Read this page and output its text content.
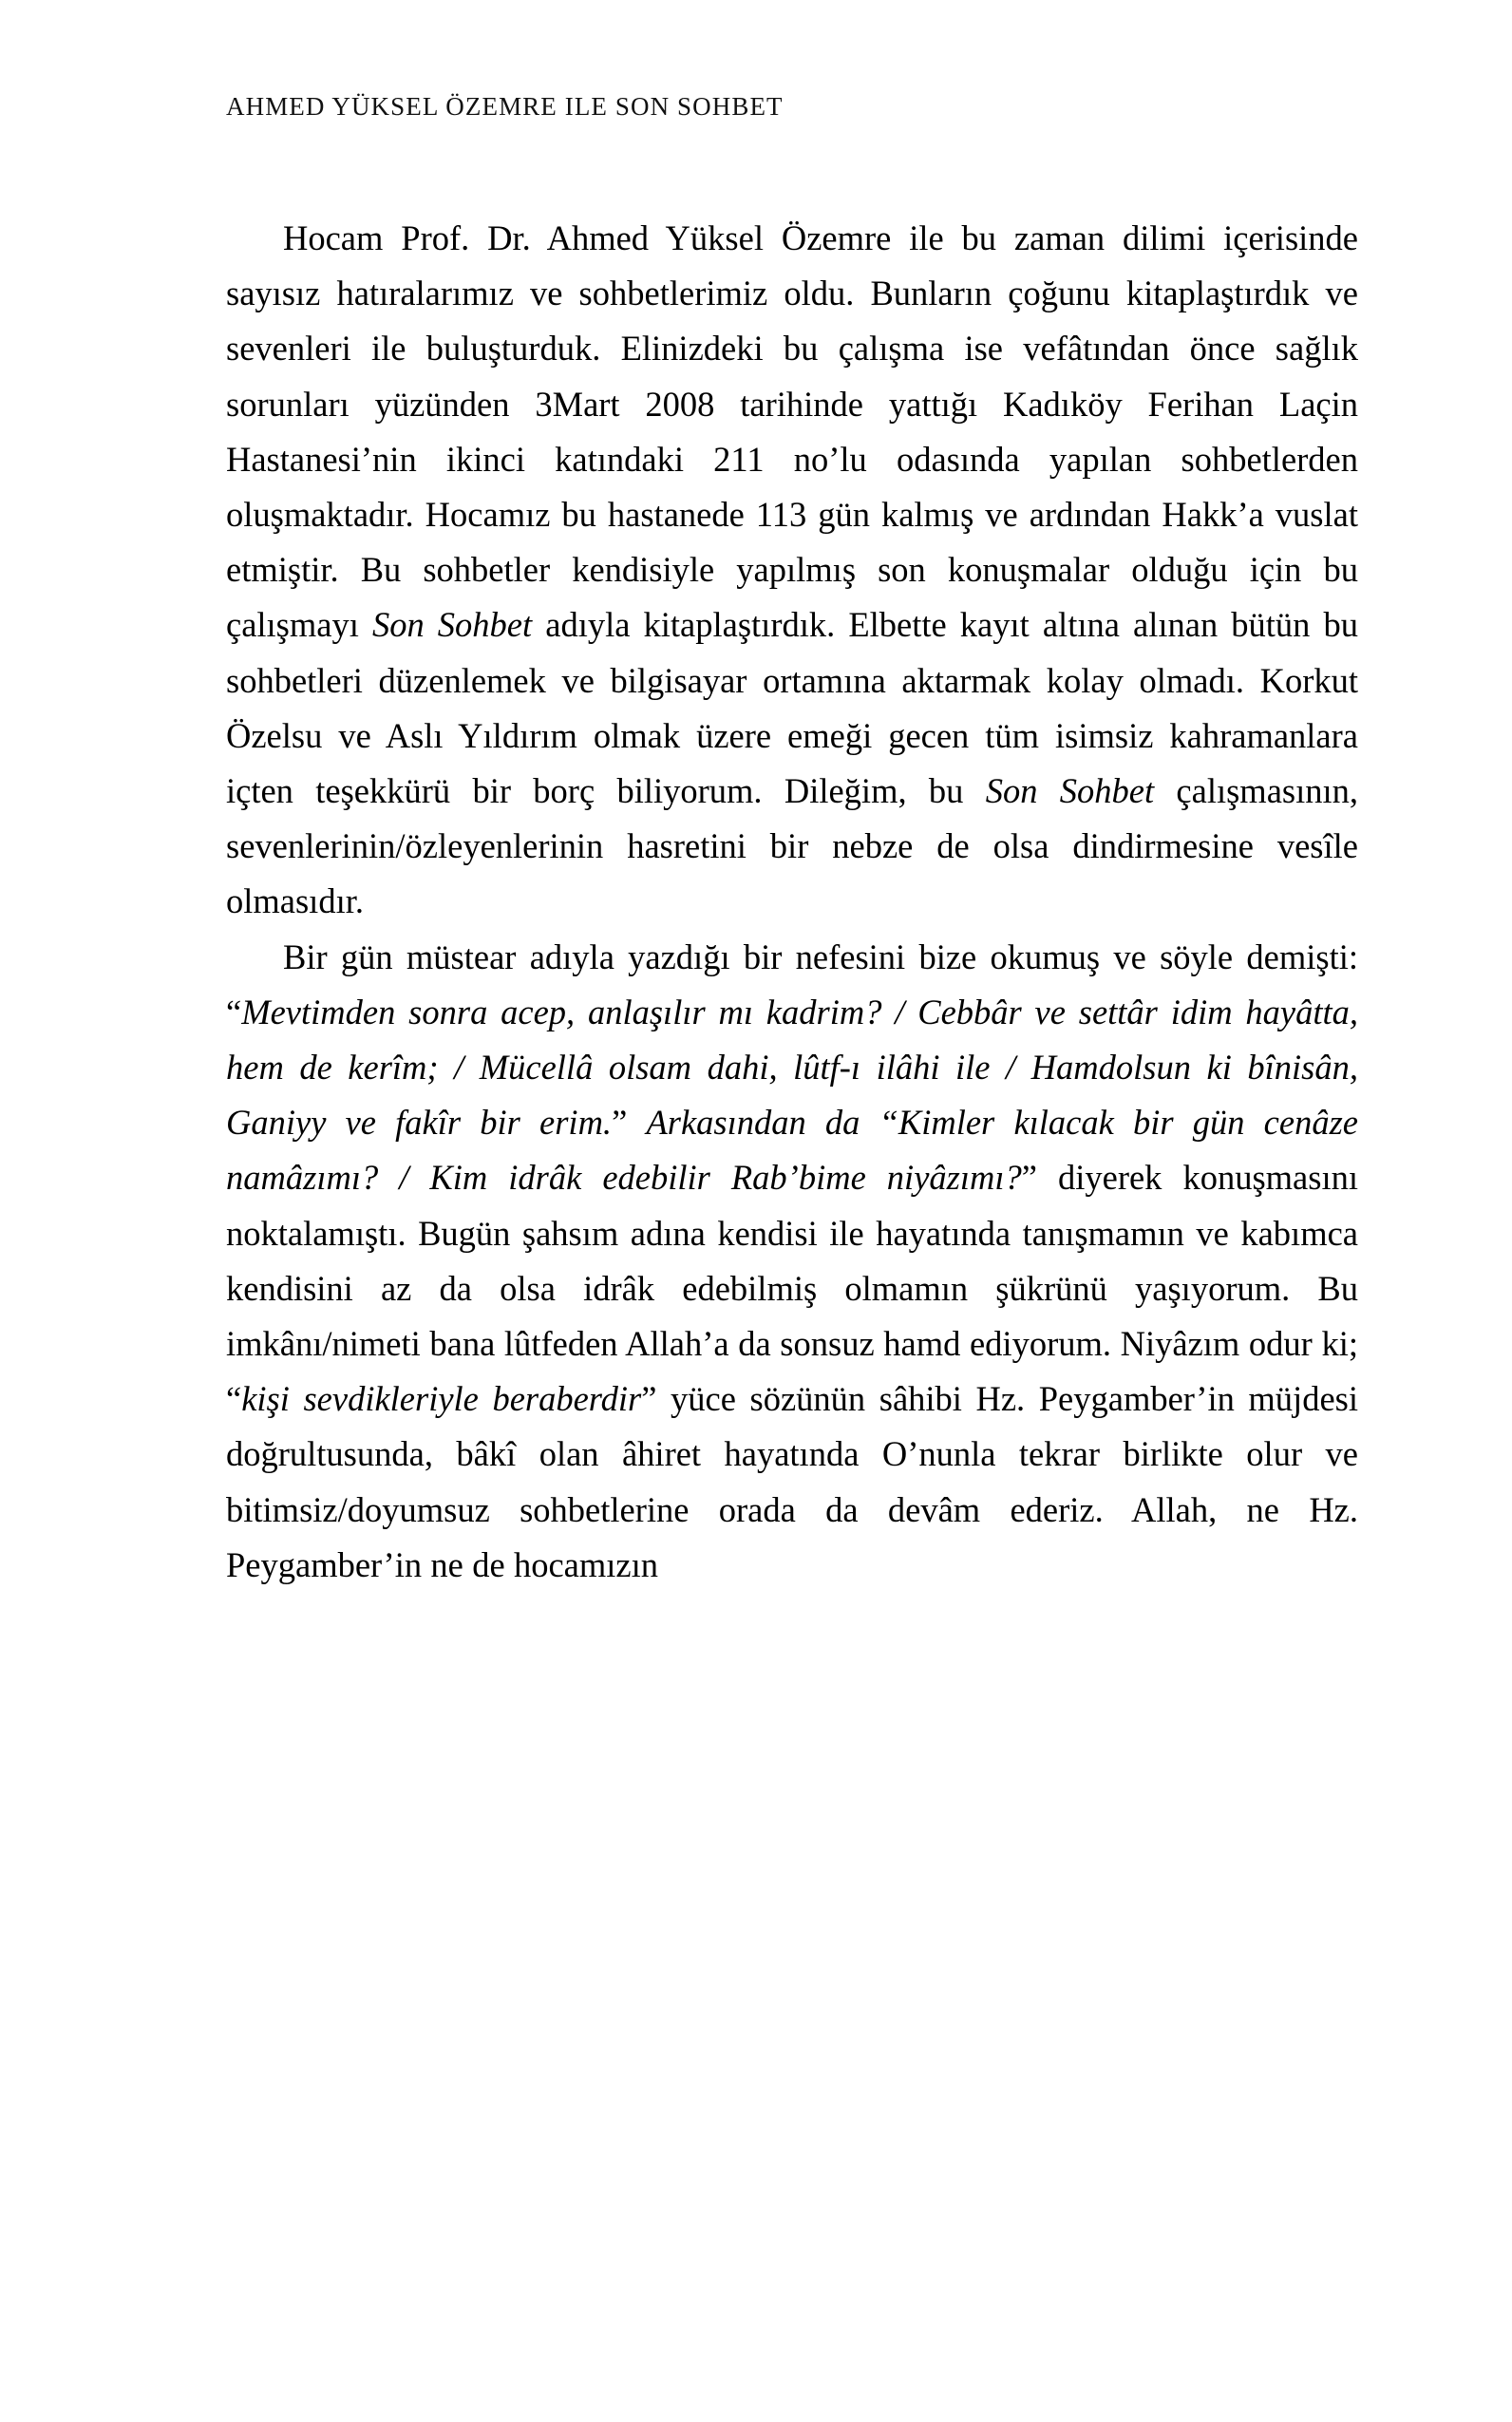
AHMED YÜKSEL ÖZEMRE ILE SON SOHBET

Hocam Prof. Dr. Ahmed Yüksel Özemre ile bu zaman dilimi içerisinde sayısız hatıralarımız ve sohbetlerimiz oldu. Bunların çoğunu kitaplaştırdık ve sevenleri ile buluşturduk. Elinizdeki bu çalışma ise vefâtından önce sağlık sorunları yüzünden 3Mart 2008 tarihinde yattığı Kadıköy Ferihan Laçin Hastanesi’nin ikinci katındaki 211 no’lu odasında yapılan sohbetlerden oluşmaktadır. Hocamız bu hastanede 113 gün kalmış ve ardından Hakk’a vuslat etmiştir. Bu sohbetler kendisiyle yapılmış son konuşmalar olduğu için bu çalışmayı Son Sohbet adıyla kitaplaştırdık. Elbette kayıt altına alınan bütün bu sohbetleri düzenlemek ve bilgisayar ortamına aktarmak kolay olmadı. Korkut Özelsu ve Aslı Yıldırım olmak üzere emeği gecen tüm isimsiz kahramanlara içten teşekkürü bir borç biliyorum. Dileğim, bu Son Sohbet çalışmasının, sevenlerinin/özleyenlerinin hasretini bir nebze de olsa dindirmesine vesîle olmasıdır.

Bir gün müstear adıyla yazdığı bir nefesini bize okumuş ve söyle demişti: “Mevtimden sonra acep, anlaşılır mı kadrim? / Cebbâr ve settâr idim hayâtta, hem de kerîm; / Mücellâ olsam dahi, lûtf-ı ilâhi ile / Hamdolsun ki bînisân, Ganiyy ve fakîr bir erim.” Arkasından da “Kimler kılacak bir gün cenâze namâzımı? / Kim idrâk edebilir Rab’bime niyâzımı?” diyerek konuşmasını noktalamıştı. Bugün şahsım adına kendisi ile hayatında tanışmamın ve kabımca kendisini az da olsa idrâk edebilmiş olmamın şükrünü yaşıyorum. Bu imkânı/nimeti bana lûtfeden Allah’a da sonsuz hamd ediyorum. Niyâzım odur ki; “kişi sevdikleriyle beraberdir” yüce sözünün sâhibi Hz. Peygamber’in müjdesi doğrultusunda, bâkî olan âhiret hayatında O’nunla tekrar birlikte olur ve bitimsiz/doyumsuz sohbetlerine orada da devâm ederiz. Allah, ne Hz. Peygamber’in ne de hocamızın
